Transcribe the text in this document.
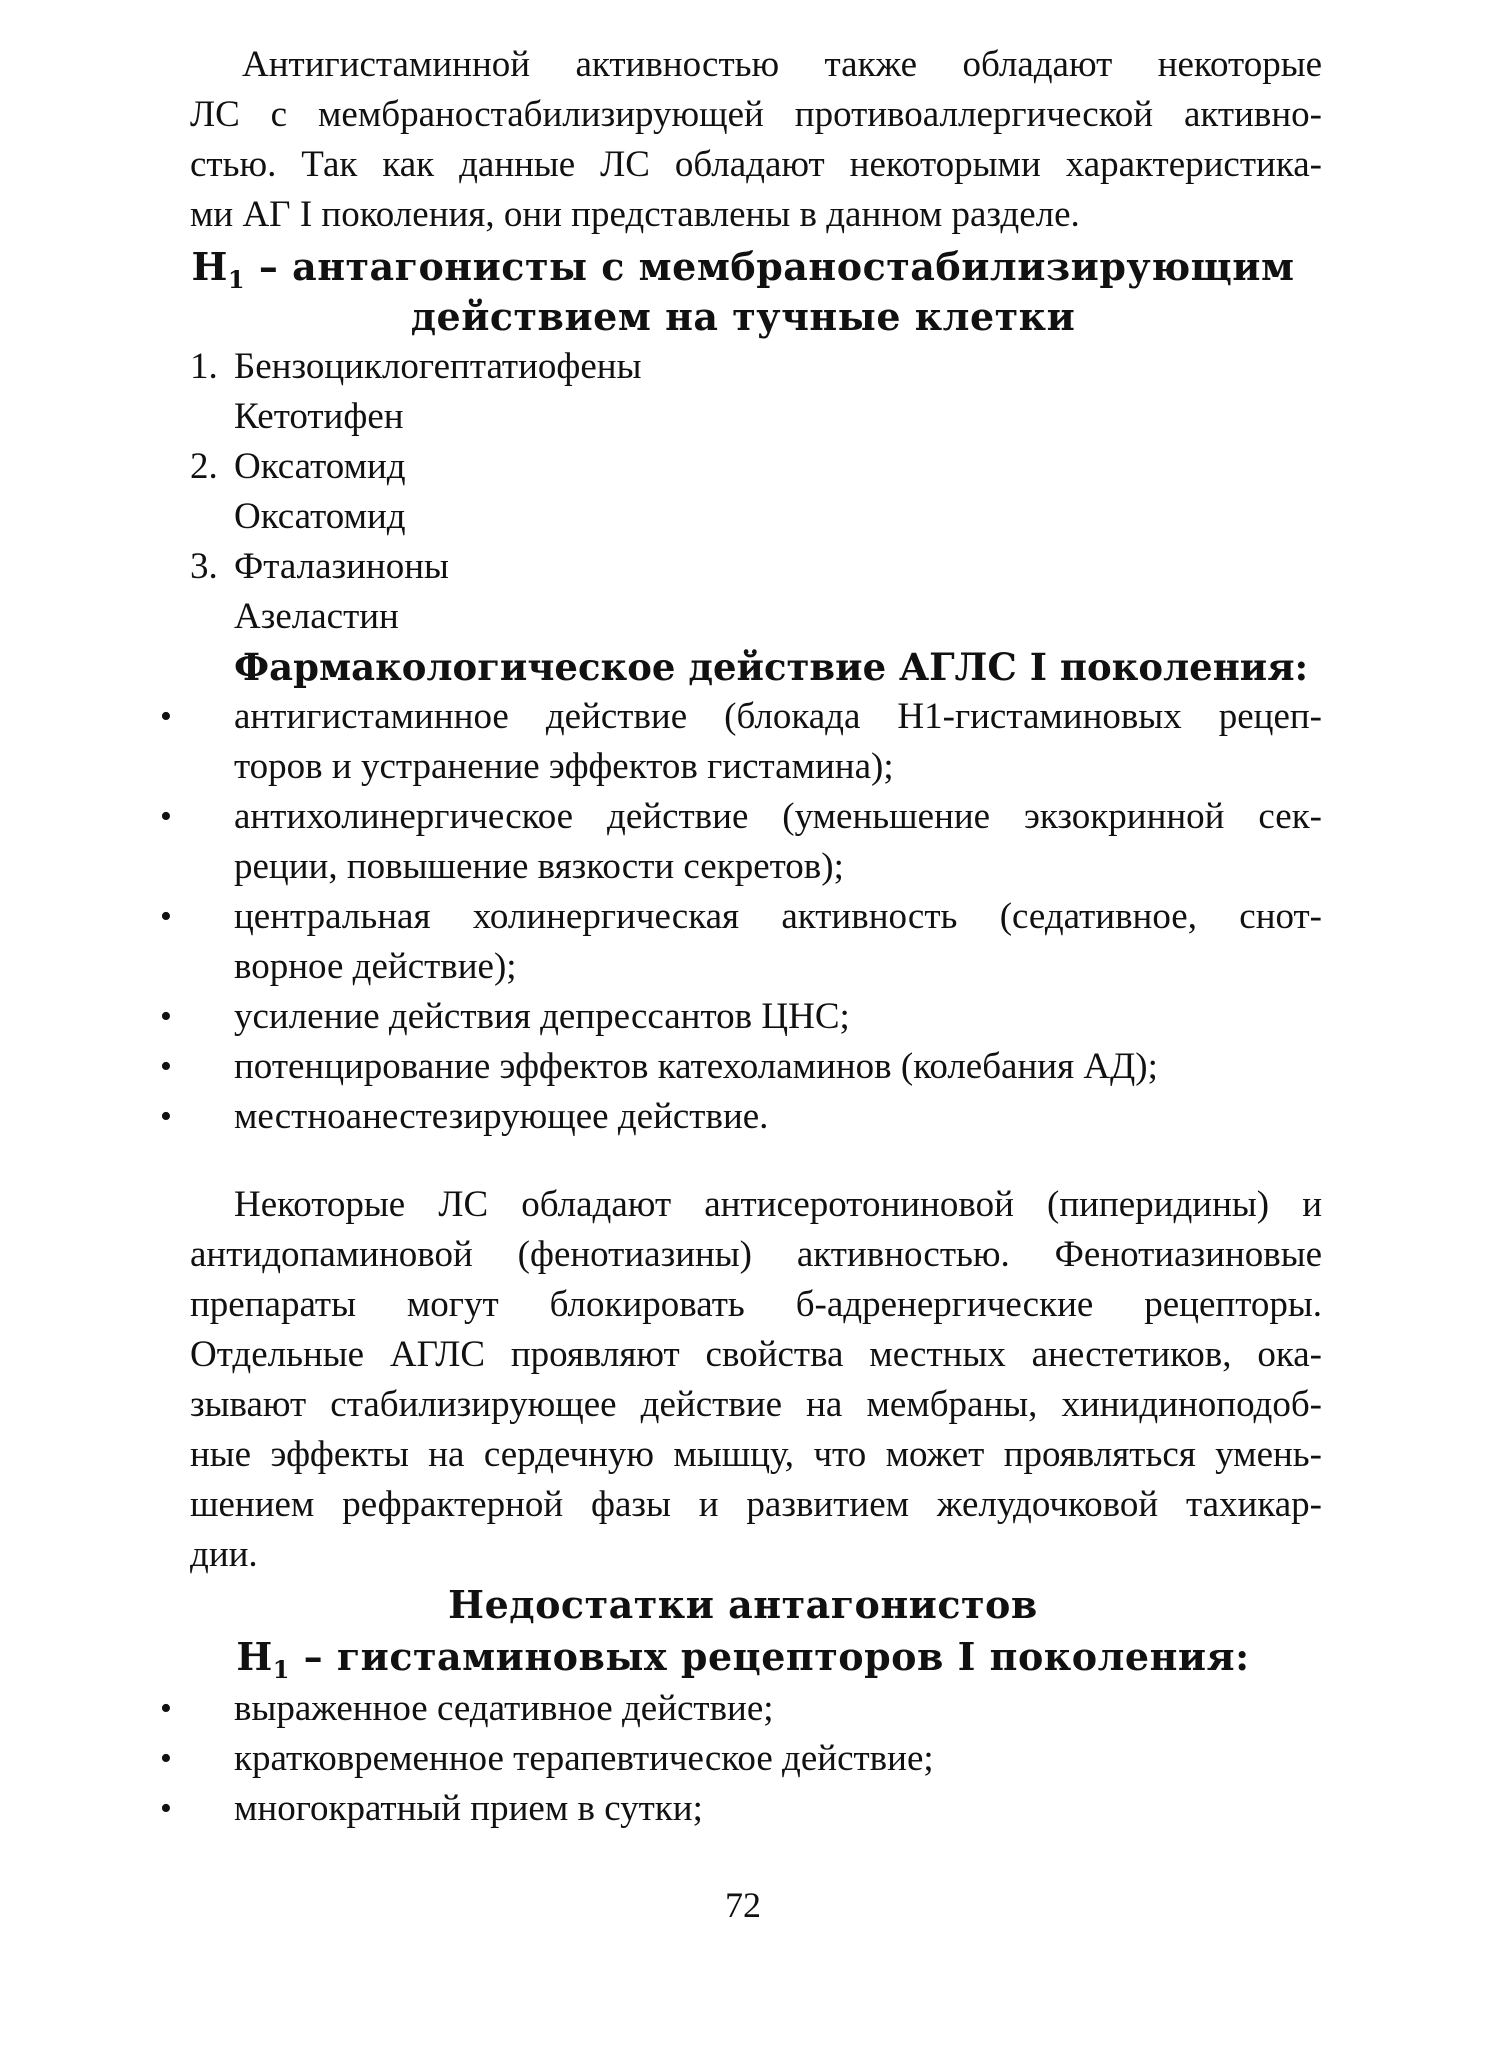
Антигистаминной активностью также обладают некоторые
ЛС с мембраностабилизирующей противоаллергической активно-
стью. Так как данные ЛС обладают некоторыми характеристика-
ми АГ I поколения, они представлены в данном разделе.
$Н_1$ – антагонисты с мембраностабилизирующим
действием на тучные клетки
1. Бензоциклогептатиофены
Кетотифен
2. Оксатомид
Оксатомид
3. Фталазиноны
Азеластин
Фармакологическое действие АГЛС I поколения:
• антигистаминное действие (блокада Н1-гистаминовых рецеп-
торов и устранение эффектов гистамина);
• антихолинергическое действие (уменьшение экзокринной сек-
реции, повышение вязкости секретов);
• центральная холинергическая активность (седативное, снот-
ворное действие);
• усиление действия депрессантов ЦНС;
• потенцирование эффектов катехоламинов (колебания АД);
• местноанестезирующее действие.
Некоторые ЛС обладают антисеротониновой (пиперидины) и
антидопаминовой (фенотиазины) активностью. Фенотиазиновые
препараты могут блокировать б-адренергические рецепторы.
Отдельные АГЛС проявляют свойства местных анестетиков, ока-
зывают стабилизирующее действие на мембраны, хинидиноподоб-
ные эффекты на сердечную мышцу, что может проявляться умень-
шением рефрактерной фазы и развитием желудочковой тахикар-
дии.
Недостатки антагонистов
$Н_1$ – гистаминовых рецепторов I поколения:
• выраженное седативное действие;
• кратковременное терапевтическое действие;
• многократный прием в сутки;
72
